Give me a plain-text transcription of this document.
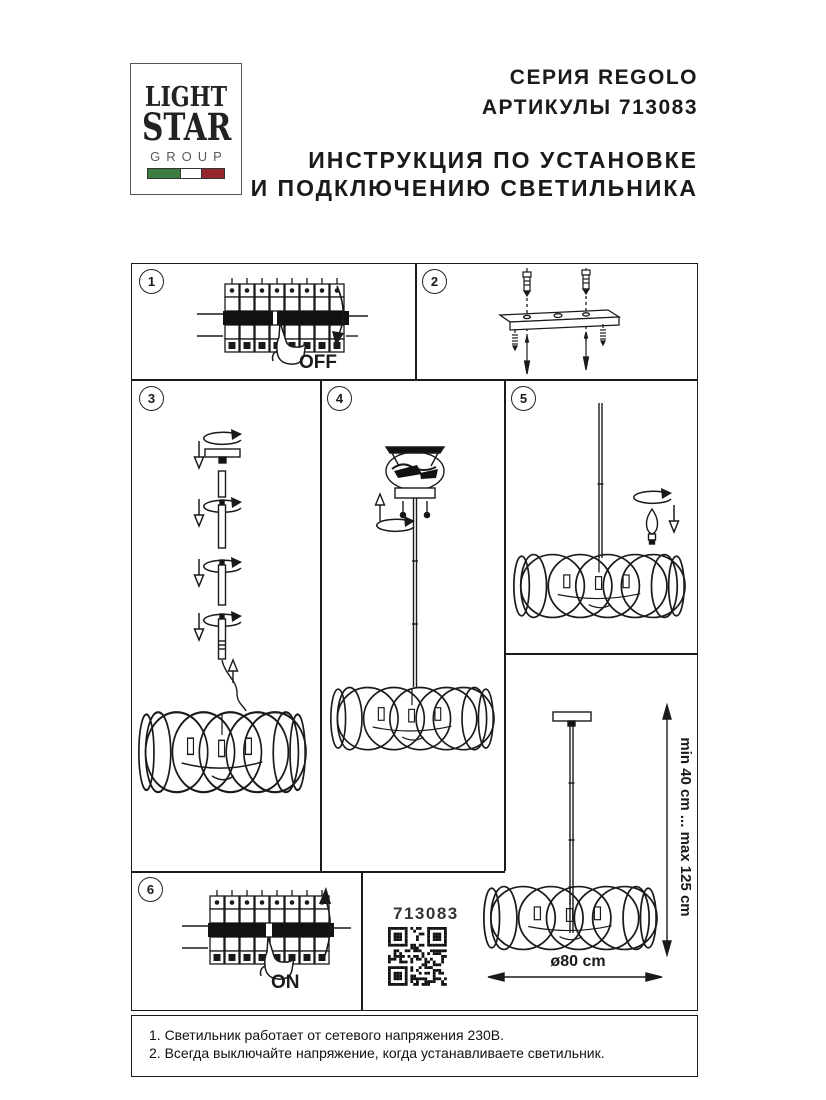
LIGHT
STAR
GROUP
СЕРИЯ REGOLO
АРТИКУЛЫ 713083
ИНСТРУКЦИЯ ПО УСТАНОВКЕ
И ПОДКЛЮЧЕНИЮ СВЕТИЛЬНИКА
1	2
3	4	5
6
OFF
ON
min 40 cm ... max 125 cm
ø80 cm
713083
1. Светильник работает от сетевого напряжения 230В.
2. Всегда выключайте напряжение, когда устанавливаете светильник.
